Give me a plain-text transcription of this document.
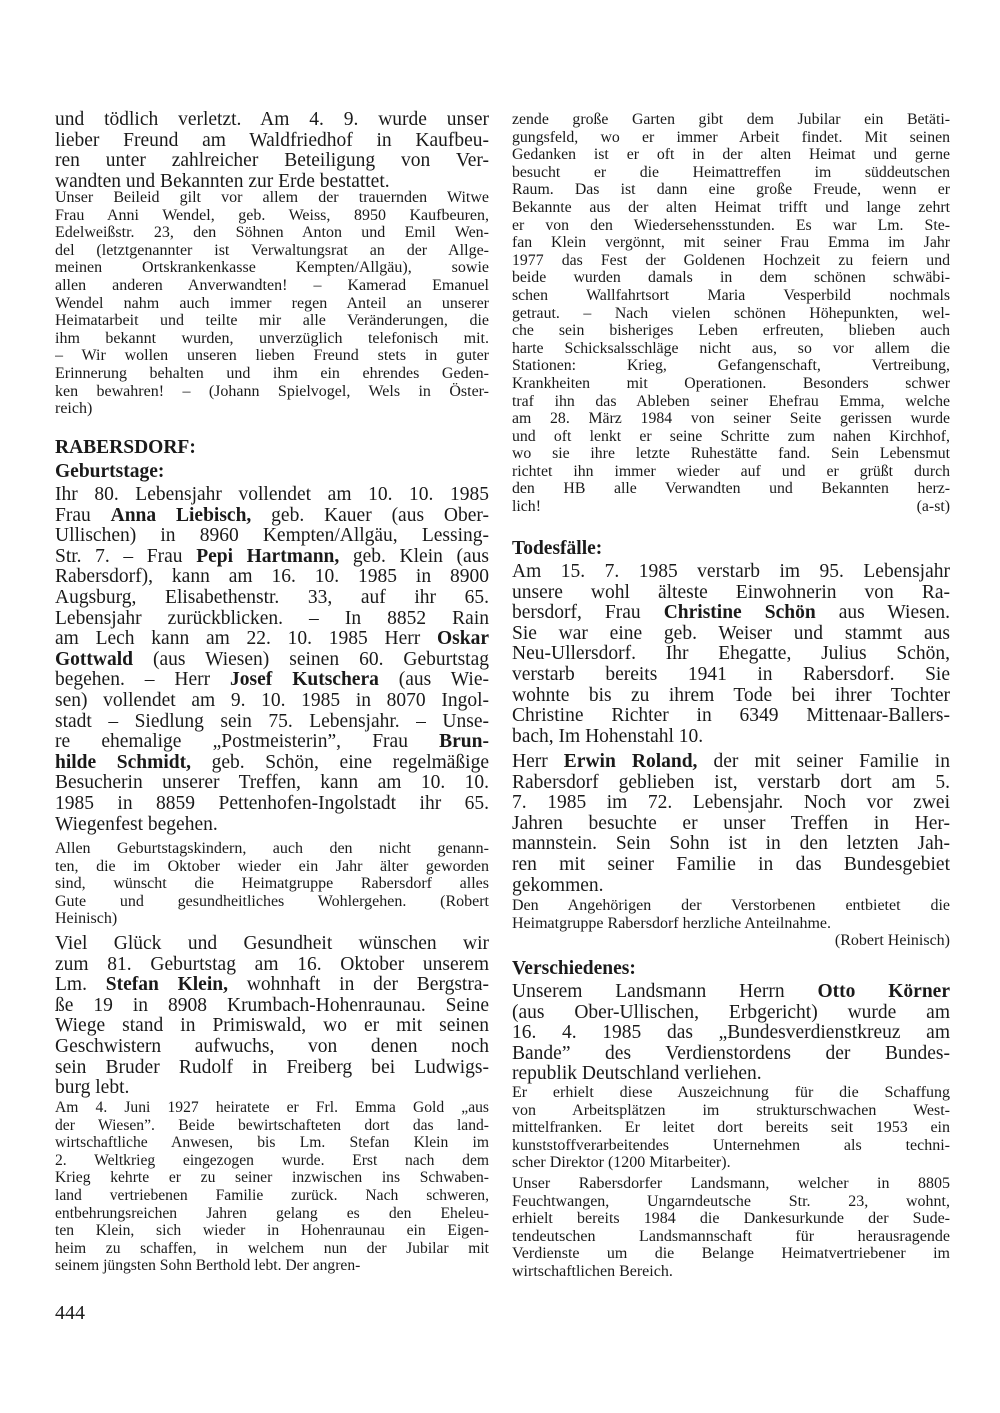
und tödlich verletzt. Am 4. 9. wurde unser
lieber Freund am Waldfriedhof in Kaufbeu-
ren unter zahlreicher Beteiligung von Ver-
wandten und Bekannten zur Erde bestattet.
Unser Beileid gilt vor allem der trauernden Witwe
Frau Anni Wendel, geb. Weiss, 8950 Kaufbeuren,
Edelweißstr. 23, den Söhnen Anton und Emil Wen-
del (letztgenannter ist Verwaltungsrat an der Allge-
meinen Ortskrankenkasse Kempten/Allgäu), sowie
allen anderen Anverwandten! – Kamerad Emanuel
Wendel nahm auch immer regen Anteil an unserer
Heimatarbeit und teilte mir alle Veränderungen, die
ihm bekannt wurden, unverzüglich telefonisch mit.
– Wir wollen unseren lieben Freund stets in guter
Erinnerung behalten und ihm ein ehrendes Geden-
ken bewahren! – (Johann Spielvogel, Wels in Öster-
reich)
RABERSDORF:
Geburtstage:
Ihr 80. Lebensjahr vollendet am 10. 10. 1985
Frau Anna Liebisch, geb. Kauer (aus Ober-
Ullischen) in 8960 Kempten/Allgäu, Lessing-
Str. 7. – Frau Pepi Hartmann, geb. Klein (aus
Rabersdorf), kann am 16. 10. 1985 in 8900
Augsburg, Elisabethenstr. 33, auf ihr 65.
Lebensjahr zurückblicken. – In 8852 Rain
am Lech kann am 22. 10. 1985 Herr Oskar
Gottwald (aus Wiesen) seinen 60. Geburtstag
begehen. – Herr Josef Kutschera (aus Wie-
sen) vollendet am 9. 10. 1985 in 8070 Ingol-
stadt – Siedlung sein 75. Lebensjahr. – Unse-
re ehemalige „Postmeisterin”, Frau Brun-
hilde Schmidt, geb. Schön, eine regelmäßige
Besucherin unserer Treffen, kann am 10. 10.
1985 in 8859 Pettenhofen-Ingolstadt ihr 65.
Wiegenfest begehen.
Allen Geburtstagskindern, auch den nicht genann-
ten, die im Oktober wieder ein Jahr älter geworden
sind, wünscht die Heimatgruppe Rabersdorf alles
Gute und gesundheitliches Wohlergehen. (Robert
Heinisch)
Viel Glück und Gesundheit wünschen wir
zum 81. Geburtstag am 16. Oktober unserem
Lm. Stefan Klein, wohnhaft in der Bergstra-
ße 19 in 8908 Krumbach-Hohenraunau. Seine
Wiege stand in Primiswald, wo er mit seinen
Geschwistern aufwuchs, von denen noch
sein Bruder Rudolf in Freiberg bei Ludwigs-
burg lebt.
Am 4. Juni 1927 heiratete er Frl. Emma Gold „aus
der Wiesen”. Beide bewirtschafteten dort das land-
wirtschaftliche Anwesen, bis Lm. Stefan Klein im
2. Weltkrieg eingezogen wurde. Erst nach dem
Krieg kehrte er zu seiner inzwischen ins Schwaben-
land vertriebenen Familie zurück. Nach schweren,
entbehrungsreichen Jahren gelang es den Eheleu-
ten Klein, sich wieder in Hohenraunau ein Eigen-
heim zu schaffen, in welchem nun der Jubilar mit
seinem jüngsten Sohn Berthold lebt. Der angren-
444
zende große Garten gibt dem Jubilar ein Betäti-
gungsfeld, wo er immer Arbeit findet. Mit seinen
Gedanken ist er oft in der alten Heimat und gerne
besucht er die Heimattreffen im süddeutschen
Raum. Das ist dann eine große Freude, wenn er
Bekannte aus der alten Heimat trifft und lange zehrt
er von den Wiedersehensstunden. Es war Lm. Ste-
fan Klein vergönnt, mit seiner Frau Emma im Jahr
1977 das Fest der Goldenen Hochzeit zu feiern und
beide wurden damals in dem schönen schwäbi-
schen Wallfahrtsort Maria Vesperbild nochmals
getraut. – Nach vielen schönen Höhepunkten, wel-
che sein bisheriges Leben erfreuten, blieben auch
harte Schicksalsschläge nicht aus, so vor allem die
Stationen: Krieg, Gefangenschaft, Vertreibung,
Krankheiten mit Operationen. Besonders schwer
traf ihn das Ableben seiner Ehefrau Emma, welche
am 28. März 1984 von seiner Seite gerissen wurde
und oft lenkt er seine Schritte zum nahen Kirchhof,
wo sie ihre letzte Ruhestätte fand. Sein Lebensmut
richtet ihn immer wieder auf und er grüßt durch
den HB alle Verwandten und Bekannten herz-
lich!	(a-st)
Todesfälle:
Am 15. 7. 1985 verstarb im 95. Lebensjahr
unsere wohl älteste Einwohnerin von Ra-
bersdorf, Frau Christine Schön aus Wiesen.
Sie war eine geb. Weiser und stammt aus
Neu-Ullersdorf. Ihr Ehegatte, Julius Schön,
verstarb bereits 1941 in Rabersdorf. Sie
wohnte bis zu ihrem Tode bei ihrer Tochter
Christine Richter in 6349 Mittenaar-Ballers-
bach, Im Hohenstahl 10.
Herr Erwin Roland, der mit seiner Familie in
Rabersdorf geblieben ist, verstarb dort am 5.
7. 1985 im 72. Lebensjahr. Noch vor zwei
Jahren besuchte er unser Treffen in Her-
mannstein. Sein Sohn ist in den letzten Jah-
ren mit seiner Familie in das Bundesgebiet
gekommen.
Den Angehörigen der Verstorbenen entbietet die
Heimatgruppe Rabersdorf herzliche Anteilnahme.
(Robert Heinisch)
Verschiedenes:
Unserem Landsmann Herrn Otto Körner
(aus Ober-Ullischen, Erbgericht) wurde am
16. 4. 1985 das „Bundesverdienstkreuz am
Bande” des Verdienstordens der Bundes-
republik Deutschland verliehen.
Er erhielt diese Auszeichnung für die Schaffung
von Arbeitsplätzen im strukturschwachen West-
mittelfranken. Er leitet dort bereits seit 1953 ein
kunststoffverarbeitendes Unternehmen als techni-
scher Direktor (1200 Mitarbeiter).
Unser Rabersdorfer Landsmann, welcher in 8805
Feuchtwangen, Ungarndeutsche Str. 23, wohnt,
erhielt bereits 1984 die Dankesurkunde der Sude-
tendeutschen Landsmannschaft für herausragende
Verdienste um die Belange Heimatvertriebener im
wirtschaftlichen Bereich.
